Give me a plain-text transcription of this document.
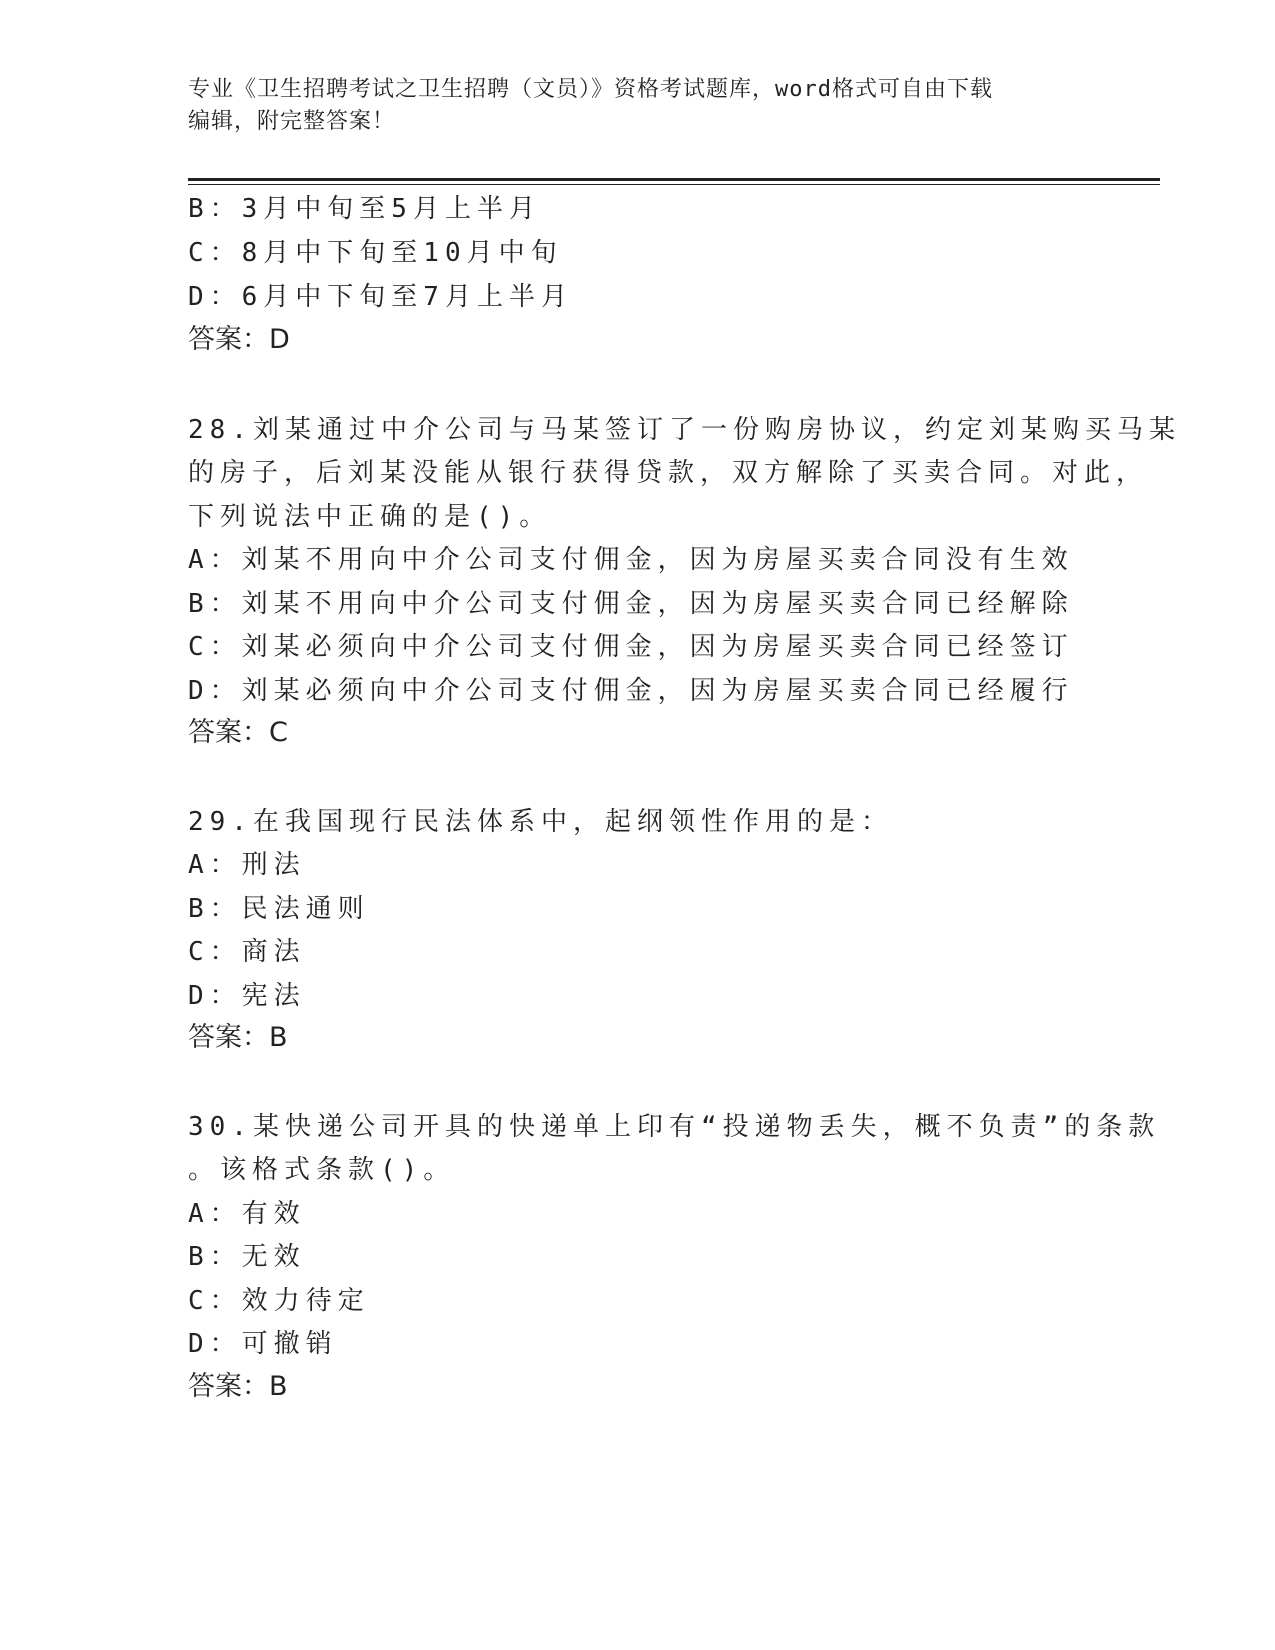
专业《卫生招聘考试之卫生招聘（文员）》资格考试题库，word格式可自由下载
编辑，附完整答案！
B：3月中旬至5月上半月
C：8月中下旬至10月中旬
D：6月中下旬至7月上半月
答案：D
28.刘某通过中介公司与马某签订了一份购房协议，约定刘某购买马某
的房子，后刘某没能从银行获得贷款，双方解除了买卖合同。对此，
下列说法中正确的是()。
A：刘某不用向中介公司支付佣金，因为房屋买卖合同没有生效
B：刘某不用向中介公司支付佣金，因为房屋买卖合同已经解除
C：刘某必须向中介公司支付佣金，因为房屋买卖合同已经签订
D：刘某必须向中介公司支付佣金，因为房屋买卖合同已经履行
答案：C
29.在我国现行民法体系中，起纲领性作用的是：
A：刑法
B：民法通则
C：商法
D：宪法
答案：B
30.某快递公司开具的快递单上印有“投递物丢失，概不负责”的条款
。该格式条款()。
A：有效
B：无效
C：效力待定
D：可撤销
答案：B
